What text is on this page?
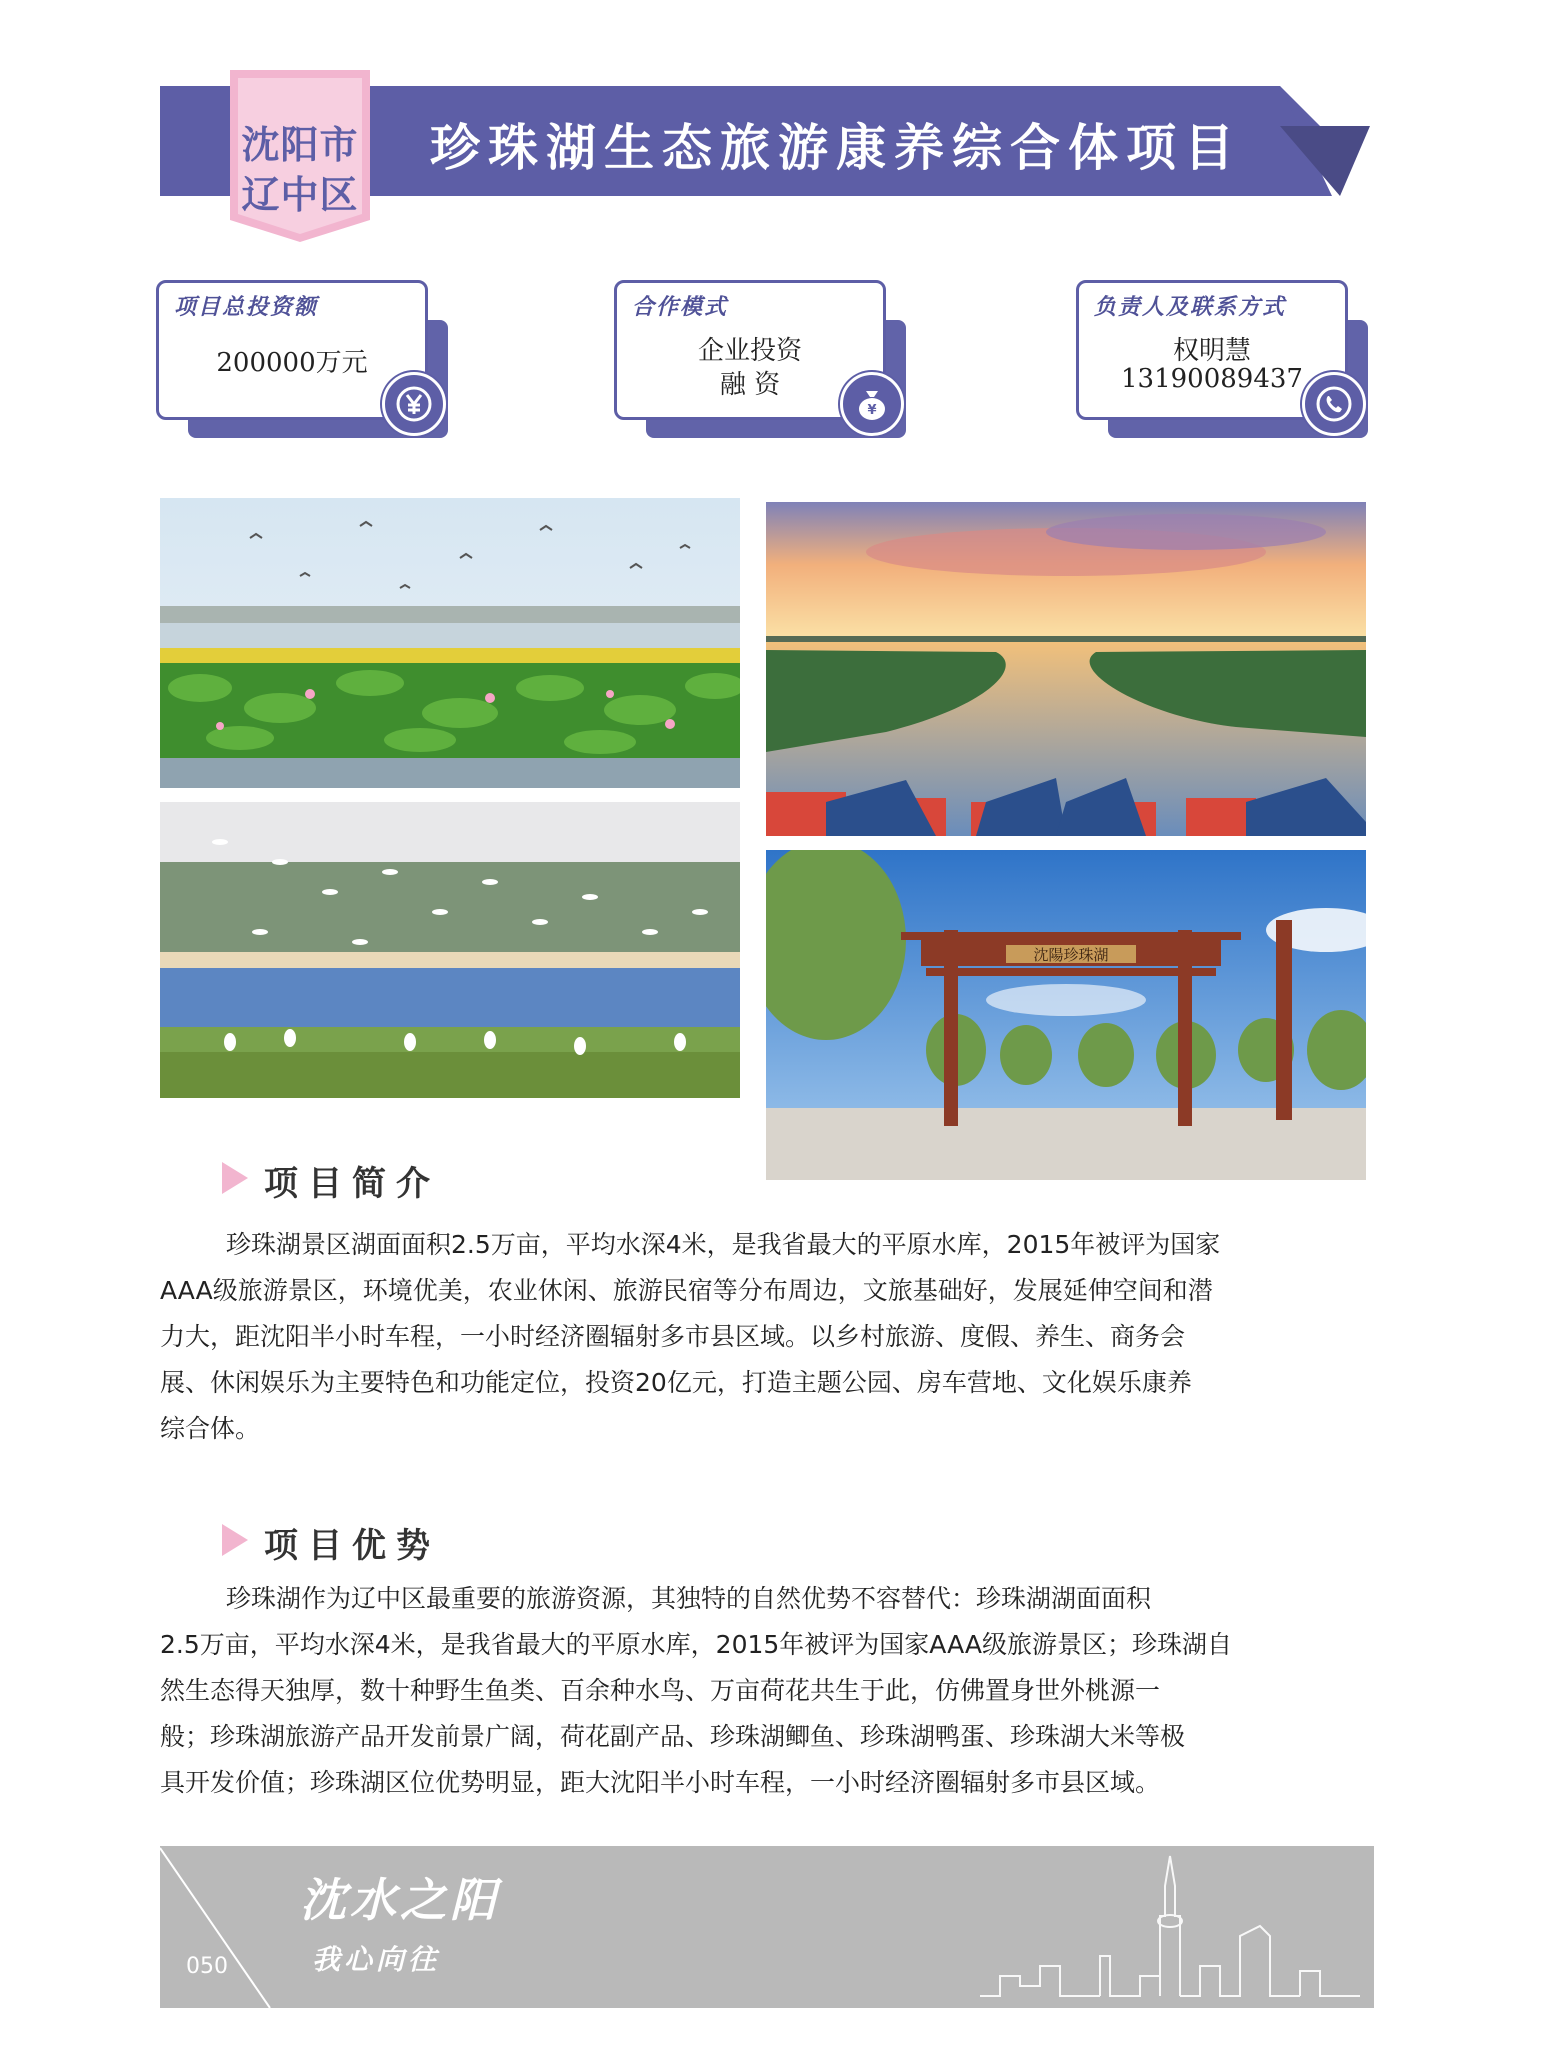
沈阳市
辽中区
珍珠湖生态旅游康养综合体项目
项目总投资额
200000万元
合作模式
企业投资
融 资
¥
负责人及联系方式
权明慧
13190089437
沈陽珍珠湖
项目简介
珍珠湖景区湖面面积2.5万亩，平均水深4米，是我省最大的平原水库，2015年被评为国家
AAA级旅游景区，环境优美，农业休闲、旅游民宿等分布周边，文旅基础好，发展延伸空间和潜
力大，距沈阳半小时车程，一小时经济圈辐射多市县区域。以乡村旅游、度假、养生、商务会
展、休闲娱乐为主要特色和功能定位，投资20亿元，打造主题公园、房车营地、文化娱乐康养
综合体。
项目优势
珍珠湖作为辽中区最重要的旅游资源，其独特的自然优势不容替代：珍珠湖湖面面积
2.5万亩，平均水深4米，是我省最大的平原水库，2015年被评为国家AAA级旅游景区；珍珠湖自
然生态得天独厚，数十种野生鱼类、百余种水鸟、万亩荷花共生于此，仿佛置身世外桃源一
般；珍珠湖旅游产品开发前景广阔，荷花副产品、珍珠湖鲫鱼、珍珠湖鸭蛋、珍珠湖大米等极
具开发价值；珍珠湖区位优势明显，距大沈阳半小时车程，一小时经济圈辐射多市县区域。
050
沈水之阳
我心向往
